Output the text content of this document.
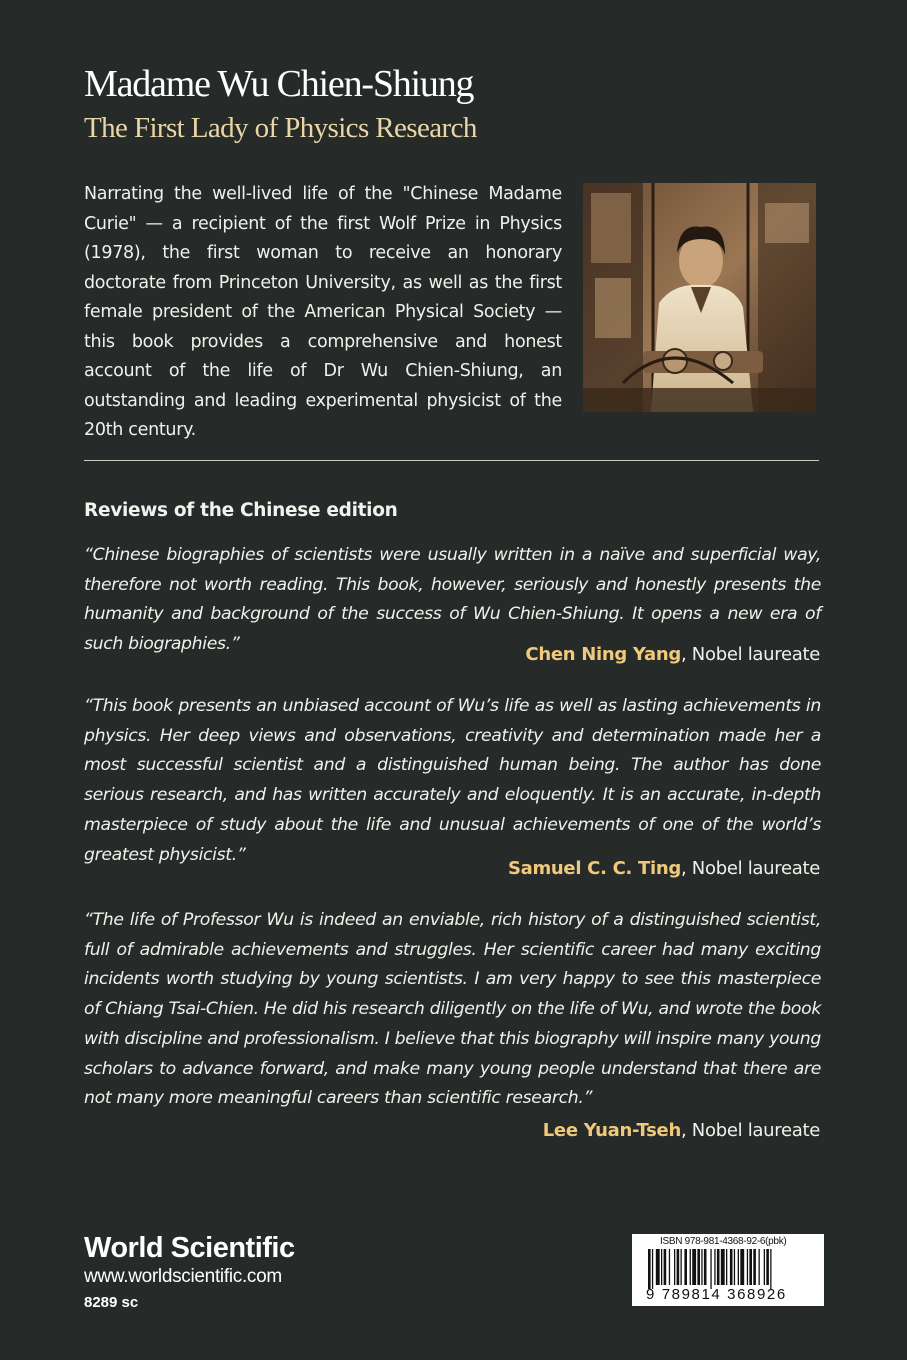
Madame Wu Chien-Shiung
The First Lady of Physics Research
Narrating the well-lived life of the "Chinese Madame Curie" — a recipient of the first Wolf Prize in Physics (1978), the first woman to receive an honorary doctorate from Princeton University, as well as the first female president of the American Physical Society — this book provides a comprehensive and honest account of the life of Dr Wu Chien-Shiung, an outstanding and leading experimental physicist of the 20th century.
Reviews of the Chinese edition
“Chinese biographies of scientists were usually written in a naïve and superficial way, therefore not worth reading. This book, however, seriously and honestly presents the humanity and background of the success of Wu Chien-Shiung. It opens a new era of such biographies.”	Chen Ning Yang, Nobel laureate
“This book presents an unbiased account of Wu’s life as well as lasting achievements in physics. Her deep views and observations, creativity and determination made her a most successful scientist and a distinguished human being. The author has done serious research, and has written accurately and eloquently. It is an accurate, in-depth masterpiece of study about the life and unusual achievements of one of the world’s greatest physicist.”
Samuel C. C. Ting, Nobel laureate
“The life of Professor Wu is indeed an enviable, rich history of a distinguished scientist, full of admirable achievements and struggles. Her scientific career had many exciting incidents worth studying by young scientists. I am very happy to see this masterpiece of Chiang Tsai-Chien. He did his research diligently on the life of Wu, and wrote the book with discipline and professionalism. I believe that this biography will inspire many young scholars to advance forward, and make many young people understand that there are not many more meaningful careers than scientific research.”
Lee Yuan-Tseh, Nobel laureate
World Scientific
www.worldscientific.com
8289 sc
ISBN 978-981-4368-92-6(pbk)
9 789814 368926
